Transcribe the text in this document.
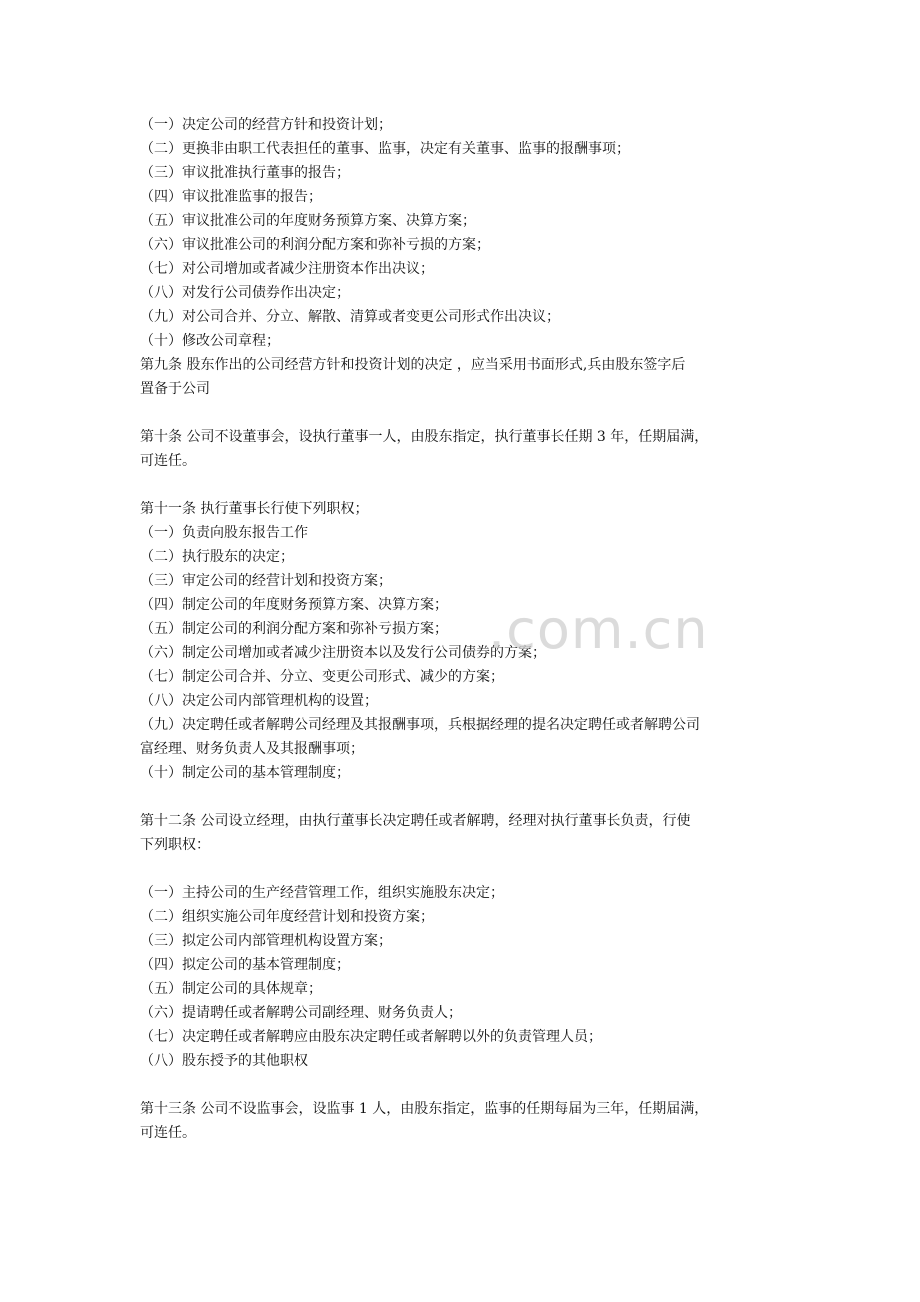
（一）决定公司的经营方针和投资计划；
（二）更换非由职工代表担任的董事、监事，决定有关董事、监事的报酬事项；
（三）审议批准执行董事的报告；
（四）审议批准监事的报告；
（五）审议批准公司的年度财务预算方案、决算方案；
（六）审议批准公司的利润分配方案和弥补亏损的方案；
（七）对公司增加或者减少注册资本作出决议；
（八）对发行公司债券作出决定；
（九）对公司合并、分立、解散、清算或者变更公司形式作出决议；
（十）修改公司章程；
第九条 股东作出的公司经营方针和投资计划的决定 ，应当采用书面形式,兵由股东签字后
置备于公司
第十条 公司不设董事会，设执行董事一人，由股东指定，执行董事长任期 3 年，任期届满，
可连任。
第十一条 执行董事长行使下列职权；
（一）负责向股东报告工作
（二）执行股东的决定；
（三）审定公司的经营计划和投资方案；
（四）制定公司的年度财务预算方案、决算方案；
（五）制定公司的利润分配方案和弥补亏损方案；
（六）制定公司增加或者减少注册资本以及发行公司债券的方案；
（七）制定公司合并、分立、变更公司形式、减少的方案；
（八）决定公司内部管理机构的设置；
（九）决定聘任或者解聘公司经理及其报酬事项，兵根据经理的提名决定聘任或者解聘公司
富经理、财务负责人及其报酬事项；
（十）制定公司的基本管理制度；
第十二条 公司设立经理，由执行董事长决定聘任或者解聘，经理对执行董事长负责，行使
下列职权：
（一）主持公司的生产经营管理工作，组织实施股东决定；
（二）组织实施公司年度经营计划和投资方案；
（三）拟定公司内部管理机构设置方案；
（四）拟定公司的基本管理制度；
（五）制定公司的具体规章；
（六）提请聘任或者解聘公司副经理、财务负责人；
（七）决定聘任或者解聘应由股东决定聘任或者解聘以外的负责管理人员；
（八）股东授予的其他职权
第十三条 公司不设监事会，设监事 1 人，由股东指定，监事的任期每届为三年，任期届满，
可连任。
.com.cn
